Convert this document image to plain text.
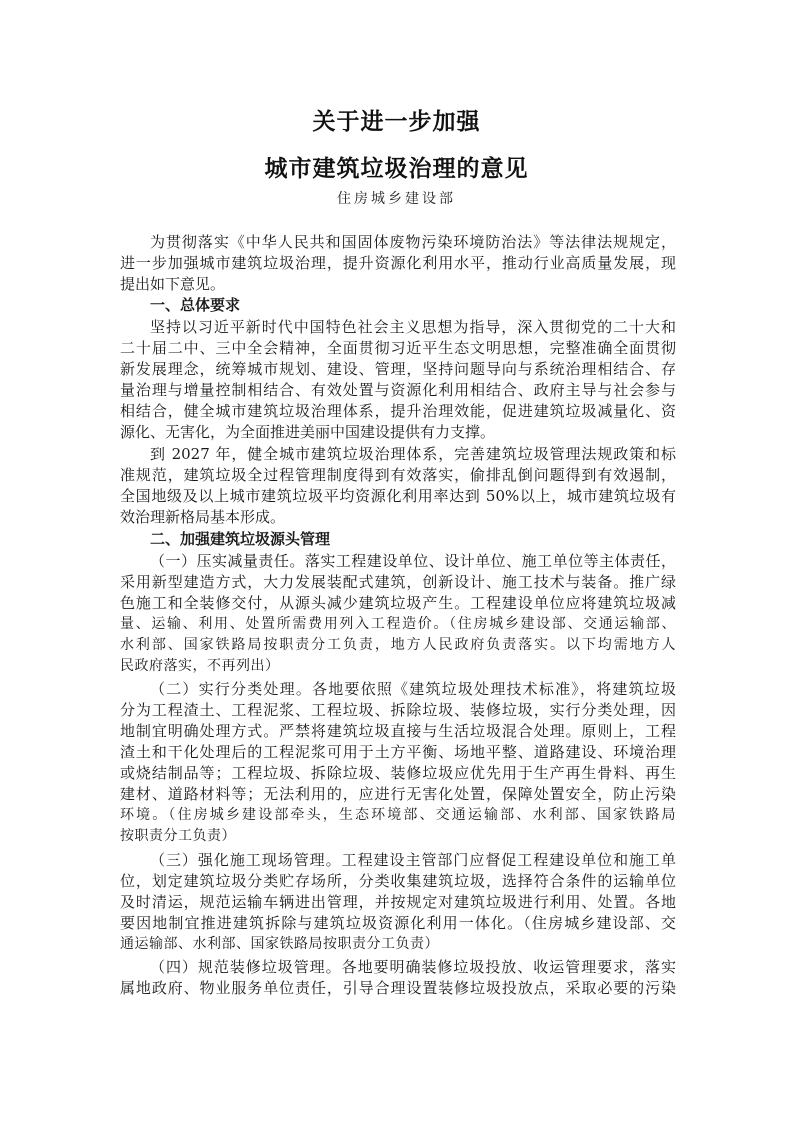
关于进一步加强
城市建筑垃圾治理的意见
住房城乡建设部
为贯彻落实《中华人民共和国固体废物污染环境防治法》等法律法规规定，
进一步加强城市建筑垃圾治理，提升资源化利用水平，推动行业高质量发展，现
提出如下意见。
一、总体要求
坚持以习近平新时代中国特色社会主义思想为指导，深入贯彻党的二十大和
二十届二中、三中全会精神，全面贯彻习近平生态文明思想，完整准确全面贯彻
新发展理念，统筹城市规划、建设、管理，坚持问题导向与系统治理相结合、存
量治理与增量控制相结合、有效处置与资源化利用相结合、政府主导与社会参与
相结合，健全城市建筑垃圾治理体系，提升治理效能，促进建筑垃圾减量化、资
源化、无害化，为全面推进美丽中国建设提供有力支撑。
到 2027 年，健全城市建筑垃圾治理体系，完善建筑垃圾管理法规政策和标
准规范，建筑垃圾全过程管理制度得到有效落实，偷排乱倒问题得到有效遏制，
全国地级及以上城市建筑垃圾平均资源化利用率达到 50%以上，城市建筑垃圾有
效治理新格局基本形成。
二、加强建筑垃圾源头管理
（一）压实减量责任。落实工程建设单位、设计单位、施工单位等主体责任，
采用新型建造方式，大力发展装配式建筑，创新设计、施工技术与装备。推广绿
色施工和全装修交付，从源头减少建筑垃圾产生。工程建设单位应将建筑垃圾减
量、运输、利用、处置所需费用列入工程造价。（住房城乡建设部、交通运输部、
水利部、国家铁路局按职责分工负责，地方人民政府负责落实。以下均需地方人
民政府落实，不再列出）
（二）实行分类处理。各地要依照《建筑垃圾处理技术标准》，将建筑垃圾
分为工程渣土、工程泥浆、工程垃圾、拆除垃圾、装修垃圾，实行分类处理，因
地制宜明确处理方式。严禁将建筑垃圾直接与生活垃圾混合处理。原则上，工程
渣土和干化处理后的工程泥浆可用于土方平衡、场地平整、道路建设、环境治理
或烧结制品等；工程垃圾、拆除垃圾、装修垃圾应优先用于生产再生骨料、再生
建材、道路材料等；无法利用的，应进行无害化处置，保障处置安全，防止污染
环境。（住房城乡建设部牵头，生态环境部、交通运输部、水利部、国家铁路局
按职责分工负责）
（三）强化施工现场管理。工程建设主管部门应督促工程建设单位和施工单
位，划定建筑垃圾分类贮存场所，分类收集建筑垃圾，选择符合条件的运输单位
及时清运，规范运输车辆进出管理，并按规定对建筑垃圾进行利用、处置。各地
要因地制宜推进建筑拆除与建筑垃圾资源化利用一体化。（住房城乡建设部、交
通运输部、水利部、国家铁路局按职责分工负责）
（四）规范装修垃圾管理。各地要明确装修垃圾投放、收运管理要求，落实
属地政府、物业服务单位责任，引导合理设置装修垃圾投放点，采取必要的污染
